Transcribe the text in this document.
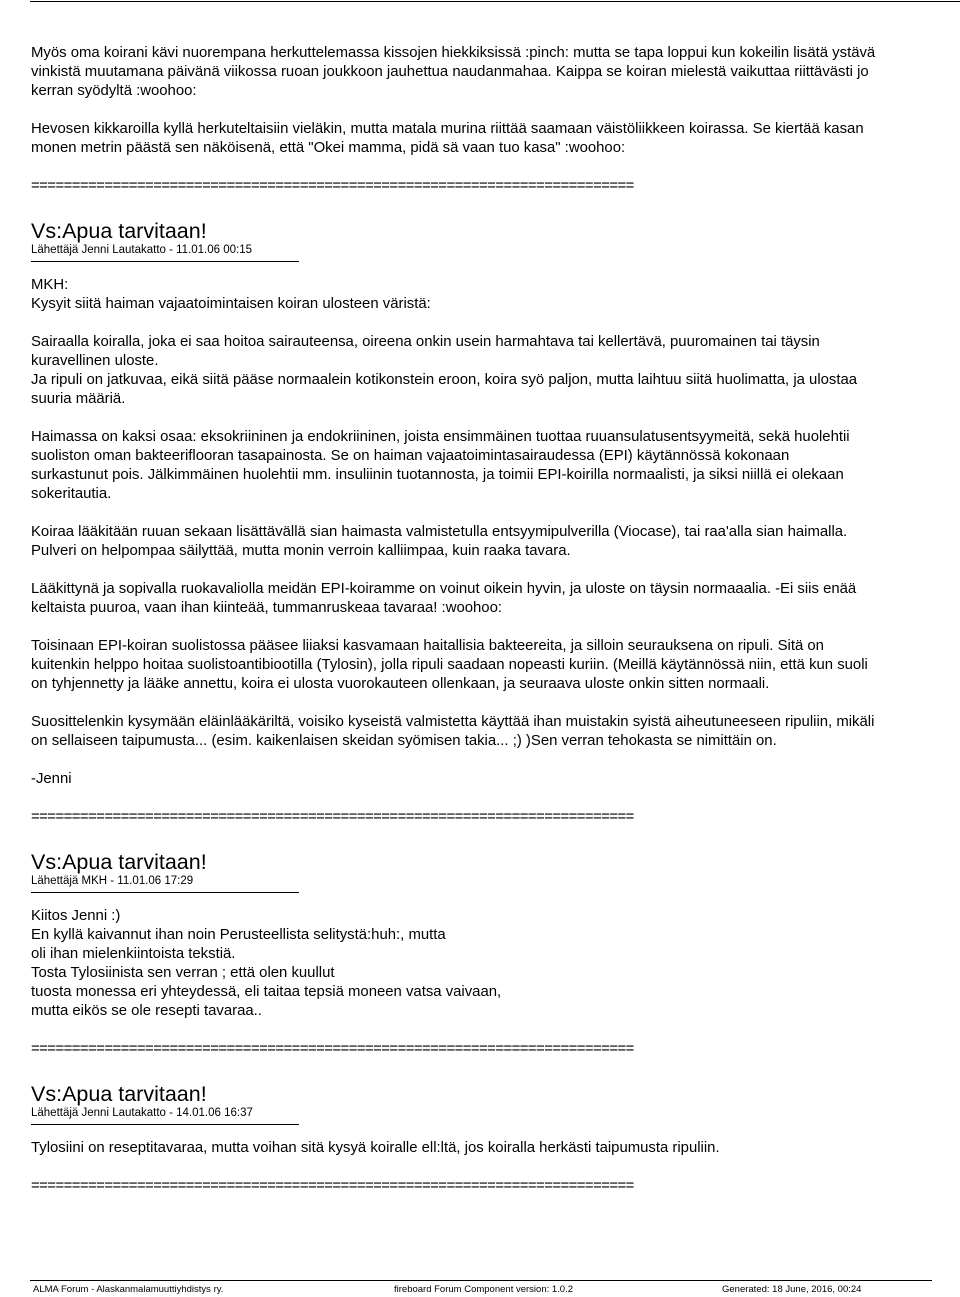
Myös oma koirani kävi nuorempana herkuttelemassa kissojen hiekkiksissä :pinch: mutta se tapa loppui kun kokeilin lisätä ystävä
vinkistä muutamana päivänä viikossa ruoan joukkoon jauhettua naudanmahaa. Kaippa se koiran mielestä vaikuttaa riittävästi jo
kerran syödyltä :woohoo:

Hevosen kikkaroilla kyllä herkuteltaisiin vieläkin, mutta matala murina riittää saamaan väistöliikkeen koirassa. Se kiertää kasan
monen metrin päästä sen näköisenä, että "Okei mamma, pidä sä vaan tuo kasa" :woohoo:

==========================================================================

Vs:Apua tarvitaan!

Lähettäjä Jenni Lautakatto - 11.01.06 00:15

MKH:
Kysyit siitä haiman vajaatoimintaisen koiran ulosteen väristä:

Sairaalla koiralla, joka ei saa hoitoa sairauteensa, oireena onkin usein harmahtava tai kellertävä, puuromainen tai täysin
kuravellinen uloste.
Ja ripuli on jatkuvaa, eikä siitä pääse normaalein kotikonstein eroon, koira syö paljon, mutta laihtuu siitä huolimatta, ja ulostaa
suuria määriä.

Haimassa on kaksi osaa: eksokriininen ja endokriininen, joista ensimmäinen tuottaa ruuansulatusentsyymeitä, sekä huolehtii
suoliston oman bakteeriflooran tasapainosta. Se on haiman vajaatoimintasairaudessa (EPI) käytännössä kokonaan
surkastunut pois. Jälkimmäinen huolehtii mm. insuliinin tuotannosta, ja toimii EPI-koirilla normaalisti, ja siksi niillä ei olekaan
sokeritautia.

Koiraa lääkitään ruuan sekaan lisättävällä sian haimasta valmistetulla entsyymipulverilla (Viocase), tai raa'alla sian haimalla.
Pulveri on helpompaa säilyttää, mutta monin verroin kalliimpaa, kuin raaka tavara.

Lääkittynä ja sopivalla ruokavaliolla meidän EPI-koiramme on voinut oikein hyvin, ja uloste on täysin normaaalia. -Ei siis enää
keltaista puuroa, vaan ihan kiinteää, tummanruskeaa tavaraa! :woohoo:

Toisinaan EPI-koiran suolistossa pääsee liiaksi kasvamaan haitallisia bakteereita, ja silloin seurauksena on ripuli. Sitä on
kuitenkin helppo hoitaa suolistoantibiootilla (Tylosin), jolla ripuli saadaan nopeasti kuriin. (Meillä käytännössä niin, että kun suoli
on tyhjennetty ja lääke annettu, koira ei ulosta vuorokauteen ollenkaan, ja seuraava uloste onkin sitten normaali.

Suosittelenkin kysymään eläinlääkäriltä, voisiko kyseistä valmistetta käyttää ihan muistakin syistä aiheutuneeseen ripuliin, mikäli
on sellaiseen taipumusta... (esim. kaikenlaisen skeidan syömisen takia... ;) )Sen verran tehokasta se nimittäin on.

-Jenni

==========================================================================

Vs:Apua tarvitaan!

Lähettäjä MKH - 11.01.06 17:29

Kiitos Jenni :)
En kyllä kaivannut ihan noin Perusteellista selitystä:huh:, mutta
oli ihan mielenkiintoista tekstiä.
Tosta Tylosiinista sen verran ; että olen kuullut
tuosta monessa eri yhteydessä, eli taitaa tepsiä moneen vatsa vaivaan,
mutta eikös se ole resepti tavaraa..

==========================================================================

Vs:Apua tarvitaan!

Lähettäjä Jenni Lautakatto - 14.01.06 16:37

Tylosiini on reseptitavaraa, mutta voihan sitä kysyä koiralle ell:ltä, jos koiralla herkästi taipumusta ripuliin.

==========================================================================

ALMA Forum - Alaskanmalamuuttiyhdistys ry.	fireboard Forum Component version: 1.0.2	Generated: 18 June, 2016, 00:24
